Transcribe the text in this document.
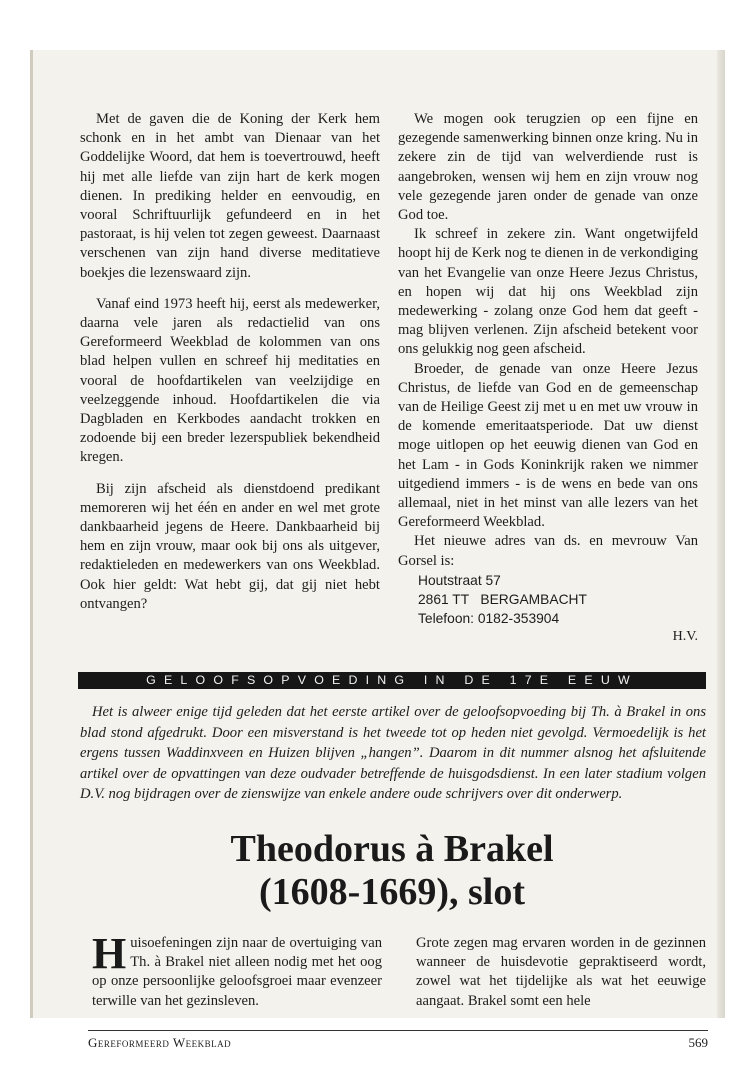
Met de gaven die de Koning der Kerk hem schonk en in het ambt van Dienaar van het Goddelijke Woord, dat hem is toevertrouwd, heeft hij met alle liefde van zijn hart de kerk mogen dienen. In prediking helder en eenvoudig, en vooral Schriftuurlijk gefundeerd en in het pastoraat, is hij velen tot zegen geweest. Daarnaast verschenen van zijn hand diverse meditatieve boekjes die lezenswaard zijn.

Vanaf eind 1973 heeft hij, eerst als medewerker, daarna vele jaren als redactielid van ons Gereformeerd Weekblad de kolommen van ons blad helpen vullen en schreef hij meditaties en vooral de hoofdartikelen van veelzijdige en veelzeggende inhoud. Hoofdartikelen die via Dagbladen en Kerkbodes aandacht trokken en zodoende bij een breder lezerspubliek bekendheid kregen.

Bij zijn afscheid als dienstdoend predikant memoreren wij het één en ander en wel met grote dankbaarheid jegens de Heere. Dankbaarheid bij hem en zijn vrouw, maar ook bij ons als uitgever, redaktieleden en medewerkers van ons Weekblad. Ook hier geldt: Wat hebt gij, dat gij niet hebt ontvangen?

We mogen ook terugzien op een fijne en gezegende samenwerking binnen onze kring. Nu in zekere zin de tijd van welverdiende rust is aangebroken, wensen wij hem en zijn vrouw nog vele gezegende jaren onder de genade van onze God toe.

Ik schreef in zekere zin. Want ongetwijfeld hoopt hij de Kerk nog te dienen in de verkondiging van het Evangelie van onze Heere Jezus Christus, en hopen wij dat hij ons Weekblad zijn medewerking - zolang onze God hem dat geeft - mag blijven verlenen. Zijn afscheid betekent voor ons gelukkig nog geen afscheid.

Broeder, de genade van onze Heere Jezus Christus, de liefde van God en de gemeenschap van de Heilige Geest zij met u en met uw vrouw in de komende emeritaatsperiode. Dat uw dienst moge uitlopen op het eeuwig dienen van God en het Lam - in Gods Koninkrijk raken we nimmer uitgediend immers - is de wens en bede van ons allemaal, niet in het minst van alle lezers van het Gereformeerd Weekblad.

Het nieuwe adres van ds. en mevrouw Van Gorsel is:

Houtstraat 57
2861 TT   BERGAMBACHT
Telefoon: 0182-353904
H.V.
GELOOFSOPVOEDING IN DE 17E EEUW

Het is alweer enige tijd geleden dat het eerste artikel over de geloofsopvoeding bij Th. à Brakel in ons blad stond afgedrukt. Door een misverstand is het tweede tot op heden niet gevolgd. Vermoedelijk is het ergens tussen Waddinxveen en Huizen blijven „hangen”. Daarom in dit nummer alsnog het afsluitende artikel over de opvattingen van deze oudvader betreffende de huisgodsdienst. In een later stadium volgen D.V. nog bijdragen over de zienswijze van enkele andere oude schrijvers over dit onderwerp.

Theodorus à Brakel
(1608-1669), slot
H uisoefeningen zijn naar de overtuiging van Th. à Brakel niet alleen nodig met het oog op onze persoonlijke geloofsgroei maar evenzeer terwille van het gezinsleven.
Grote zegen mag ervaren worden in de gezinnen wanneer de huisdevotie gepraktiseerd wordt, zowel wat het tijdelijke als wat het eeuwige aangaat. Brakel somt een hele
Gereformeerd Weekblad	569
